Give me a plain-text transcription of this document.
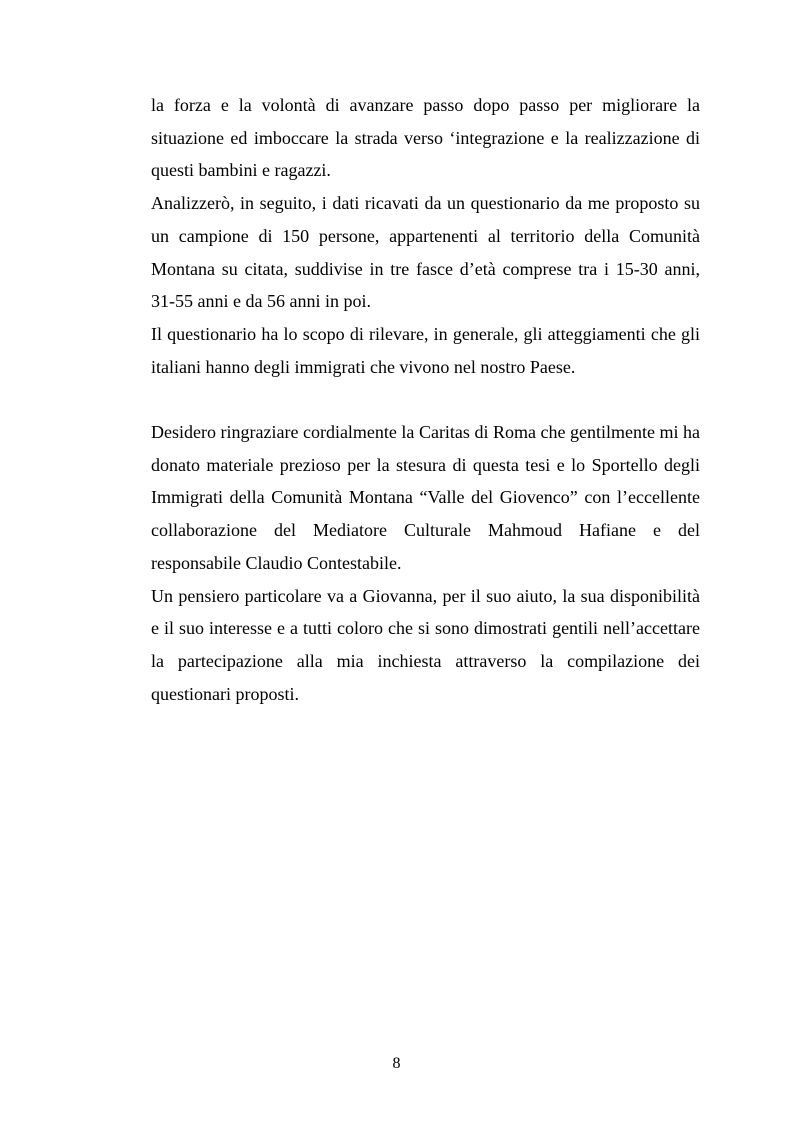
la forza e la volontà di avanzare passo dopo passo per migliorare la situazione ed imboccare la strada verso ‘integrazione e la realizzazione di questi bambini e ragazzi.

Analizzerò, in seguito, i dati ricavati da un questionario da me proposto su un campione di 150 persone, appartenenti al territorio della Comunità Montana su citata, suddivise in tre fasce d’età comprese tra i 15-30 anni, 31-55 anni e da 56 anni in poi.

Il questionario ha lo scopo di rilevare, in generale, gli atteggiamenti che gli italiani hanno degli immigrati che vivono nel nostro Paese.

Desidero ringraziare cordialmente la Caritas di Roma che gentilmente mi ha donato materiale prezioso per la stesura di questa tesi e lo Sportello degli Immigrati della Comunità Montana “Valle del Giovenco” con l’eccellente collaborazione del Mediatore Culturale Mahmoud Hafiane e del responsabile Claudio Contestabile.

Un pensiero particolare va a Giovanna, per il suo aiuto, la sua disponibilità e il suo interesse e a tutti coloro che si sono dimostrati gentili nell’accettare la partecipazione alla mia inchiesta attraverso la compilazione dei questionari proposti.

8
